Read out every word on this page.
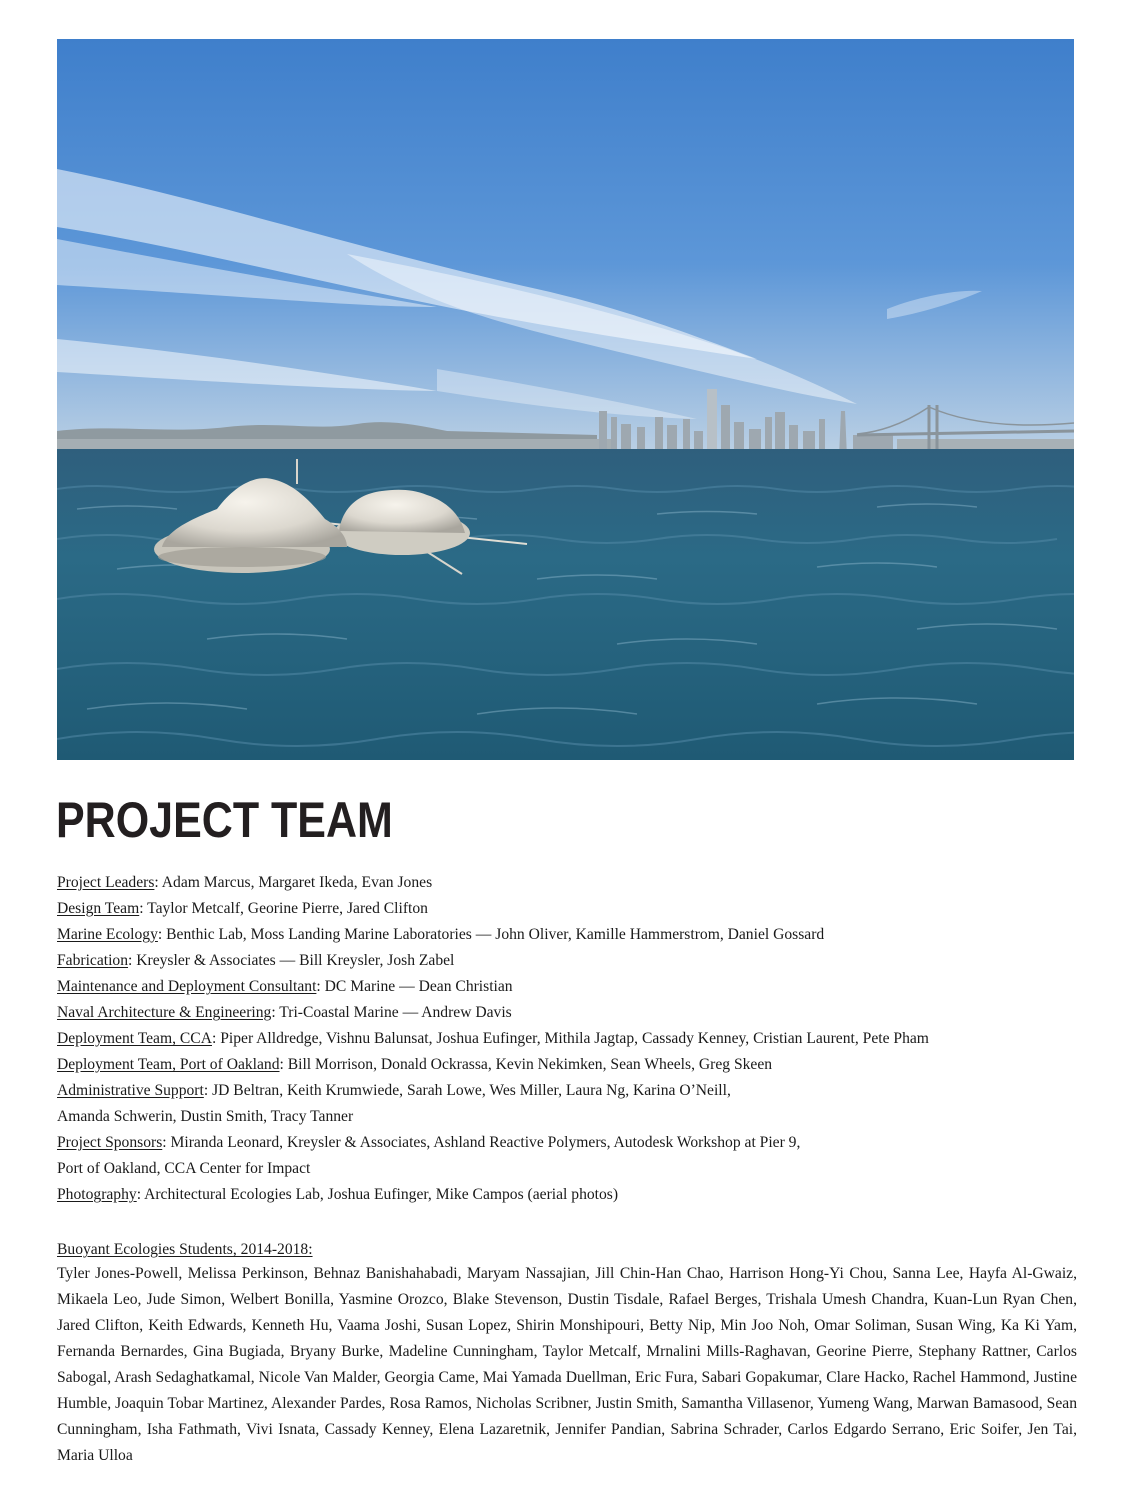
PROJECT TEAM
Project Leaders: Adam Marcus, Margaret Ikeda, Evan Jones
Design Team: Taylor Metcalf, Georine Pierre, Jared Clifton
Marine Ecology: Benthic Lab, Moss Landing Marine Laboratories — John Oliver, Kamille Hammerstrom, Daniel Gossard
Fabrication: Kreysler & Associates — Bill Kreysler, Josh Zabel
Maintenance and Deployment Consultant: DC Marine — Dean Christian
Naval Architecture & Engineering: Tri-Coastal Marine — Andrew Davis
Deployment Team, CCA: Piper Alldredge, Vishnu Balunsat, Joshua Eufinger, Mithila Jagtap, Cassady Kenney, Cristian Laurent, Pete Pham
Deployment Team, Port of Oakland: Bill Morrison, Donald Ockrassa, Kevin Nekimken, Sean Wheels, Greg Skeen
Administrative Support: JD Beltran, Keith Krumwiede, Sarah Lowe, Wes Miller, Laura Ng, Karina O’Neill,
Amanda Schwerin, Dustin Smith, Tracy Tanner
Project Sponsors: Miranda Leonard, Kreysler & Associates, Ashland Reactive Polymers, Autodesk Workshop at Pier 9,
Port of Oakland, CCA Center for Impact
Photography: Architectural Ecologies Lab, Joshua Eufinger, Mike Campos (aerial photos)
Buoyant Ecologies Students, 2014-2018:
Tyler Jones-Powell, Melissa Perkinson, Behnaz Banishahabadi, Maryam Nassajian, Jill Chin-Han Chao, Harrison Hong-Yi Chou, Sanna Lee, Hayfa Al-Gwaiz, Mikaela Leo, Jude Simon, Welbert Bonilla, Yasmine Orozco, Blake Stevenson, Dustin Tisdale, Rafael Berges, Trishala Umesh Chandra, Kuan-Lun Ryan Chen, Jared Clifton, Keith Edwards, Kenneth Hu, Vaama Joshi, Susan Lopez, Shirin Monshipouri, Betty Nip, Min Joo Noh, Omar Soliman, Susan Wing, Ka Ki Yam, Fernanda Bernardes, Gina Bugiada, Bryany Burke, Madeline Cunningham, Taylor Metcalf, Mrnalini Mills-Raghavan, Georine Pierre, Stephany Rattner, Carlos Sabogal, Arash Sedaghatkamal, Nicole Van Malder, Georgia Came, Mai Yamada Duellman, Eric Fura, Sabari Gopakumar, Clare Hacko, Rachel Hammond, Justine Humble, Joaquin Tobar Martinez, Alexander Pardes, Rosa Ramos, Nicholas Scribner, Justin Smith, Samantha Villasenor, Yumeng Wang, Marwan Bamasood, Sean Cunningham, Isha Fathmath, Vivi Isnata, Cassady Kenney, Elena Lazaretnik, Jennifer Pandian, Sabrina Schrader, Carlos Edgardo Serrano, Eric Soifer, Jen Tai, Maria Ulloa
